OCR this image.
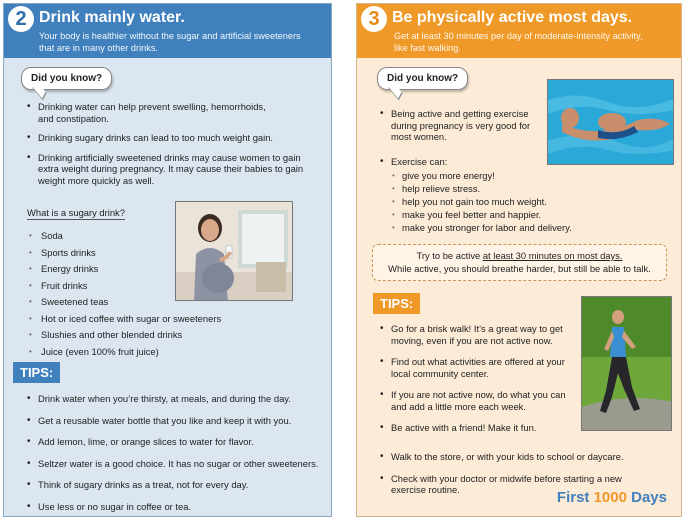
2 Drink mainly water.
Your body is healthier without the sugar and artificial sweeteners
that are in many other drinks.
Did you know?
• Drinking water can help prevent swelling, hemorrhoids, and constipation.
• Drinking sugary drinks can lead to too much weight gain.
• Drinking artificially sweetened drinks may cause women to gain extra weight during pregnancy. It may cause their babies to gain weight more quickly as well.
What is a sugary drink?
• Soda
• Sports drinks
• Energy drinks
• Fruit drinks
• Sweetened teas
• Hot or iced coffee with sugar or sweeteners
• Slushies and other blended drinks
• Juice (even 100% fruit juice)
TIPS:
• Drink water when you’re thirsty, at meals, and during the day.
• Get a reusable water bottle that you like and keep it with you.
• Add lemon, lime, or orange slices to water for flavor.
• Seltzer water is a good choice. It has no sugar or other sweeteners.
• Think of sugary drinks as a treat, not for every day.
• Use less or no sugar in coffee or tea.
3 Be physically active most days.
Get at least 30 minutes per day of moderate-intensity activity,
like fast walking.
Did you know?
• Being active and getting exercise during pregnancy is very good for most women.
• Exercise can:
• give you more energy!
• help relieve stress.
• help you not gain too much weight.
• make you feel better and happier.
• make you stronger for labor and delivery.
Try to be active at least 30 minutes on most days.
While active, you should breathe harder, but still be able to talk.
TIPS:
• Go for a brisk walk! It’s a great way to get moving, even if you are not active now.
• Find out what activities are offered at your local community center.
• If you are not active now, do what you can and add a little more each week.
• Be active with a friend! Make it fun.
• Walk to the store, or with your kids to school or daycare.
• Check with your doctor or midwife before starting a new exercise routine.	First 1000 Days
